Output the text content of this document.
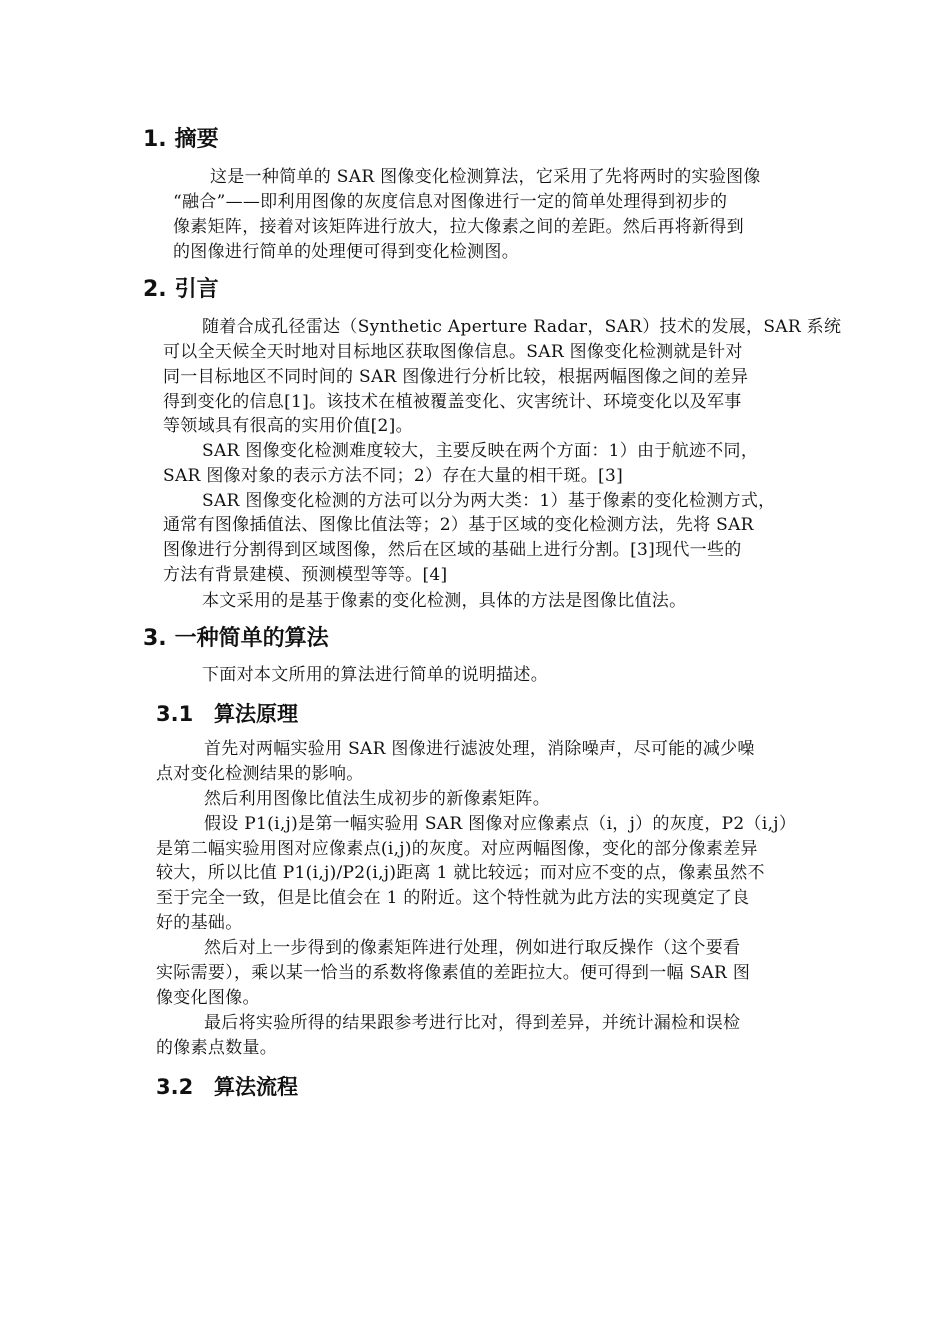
1. 摘要
这是一种简单的 SAR 图像变化检测算法，它采用了先将两时的实验图像
“融合”——即利用图像的灰度信息对图像进行一定的简单处理得到初步的
像素矩阵，接着对该矩阵进行放大，拉大像素之间的差距。然后再将新得到
的图像进行简单的处理便可得到变化检测图。
2. 引言
随着合成孔径雷达（Synthetic Aperture Radar，SAR）技术的发展，SAR 系统
可以全天候全天时地对目标地区获取图像信息。SAR 图像变化检测就是针对
同一目标地区不同时间的 SAR 图像进行分析比较，根据两幅图像之间的差异
得到变化的信息[1]。该技术在植被覆盖变化、灾害统计、环境变化以及军事
等领域具有很高的实用价值[2]。
SAR 图像变化检测难度较大，主要反映在两个方面：1）由于航迹不同，
SAR 图像对象的表示方法不同；2）存在大量的相干斑。[3]
SAR 图像变化检测的方法可以分为两大类：1）基于像素的变化检测方式，
通常有图像插值法、图像比值法等；2）基于区域的变化检测方法，先将 SAR
图像进行分割得到区域图像，然后在区域的基础上进行分割。[3]现代一些的
方法有背景建模、预测模型等等。[4]
本文采用的是基于像素的变化检测，具体的方法是图像比值法。
3. 一种简单的算法
下面对本文所用的算法进行简单的说明描述。
3.1 算法原理
首先对两幅实验用 SAR 图像进行滤波处理，消除噪声，尽可能的减少噪
点对变化检测结果的影响。
然后利用图像比值法生成初步的新像素矩阵。
假设 P1(i,j)是第一幅实验用 SAR 图像对应像素点（i，j）的灰度，P2（i,j）
是第二幅实验用图对应像素点(i,j)的灰度。对应两幅图像，变化的部分像素差异
较大，所以比值 P1(i,j)/P2(i,j)距离 1 就比较远；而对应不变的点，像素虽然不
至于完全一致，但是比值会在 1 的附近。这个特性就为此方法的实现奠定了良
好的基础。
然后对上一步得到的像素矩阵进行处理，例如进行取反操作（这个要看
实际需要），乘以某一恰当的系数将像素值的差距拉大。便可得到一幅 SAR 图
像变化图像。
最后将实验所得的结果跟参考进行比对，得到差异，并统计漏检和误检
的像素点数量。
3.2 算法流程
